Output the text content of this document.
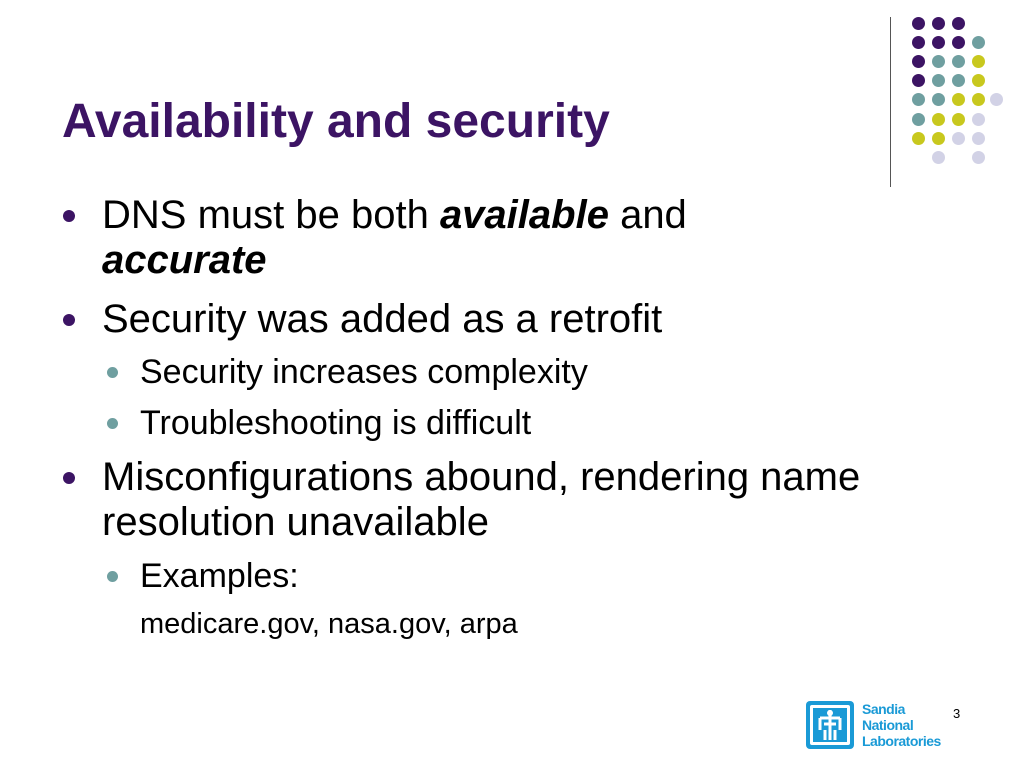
Availability and security
DNS must be both available and
accurate
Security was added as a retrofit
Security increases complexity
Troubleshooting is difficult
Misconfigurations abound, rendering name resolution unavailable
Examples:
medicare.gov, nasa.gov, arpa
Sandia
National
Laboratories
3
